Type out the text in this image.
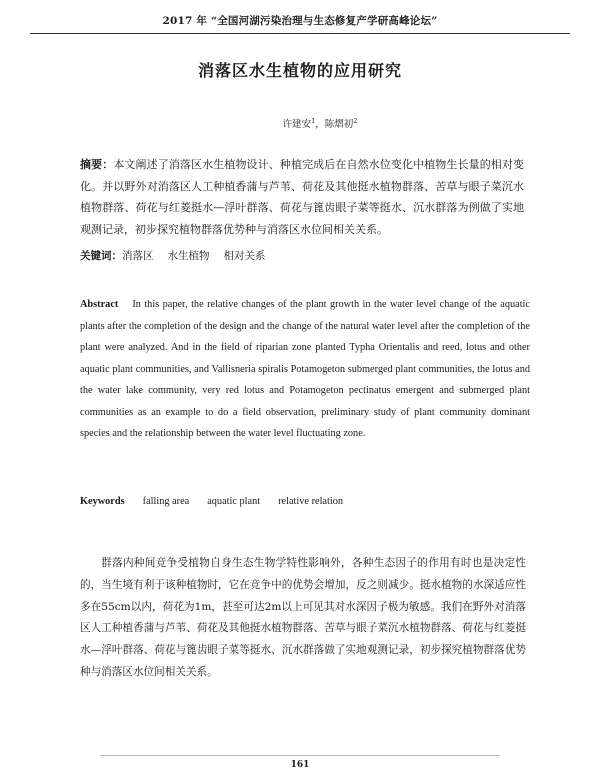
2017 年 “全国河湖污染治理与生态修复产学研高峰论坛”
消落区水生植物的应用研究
许建安$^1$，陈熠初$^2$
摘要：本文阐述了消落区水生植物设计、种植完成后在自然水位变化中植物生长量的相对变化。并以野外对消落区人工种植香蒲与芦苇、荷花及其他挺水植物群落、苦草与眼子菜沉水植物群落、荷花与红菱挺水—浮叶群落、荷花与篦齿眼子菜等挺水、沉水群落为例做了实地观测记录，初步探究植物群落优势种与消落区水位间相关关系。
关键词：消落区 水生植物 相对关系
Abstract In this paper, the relative changes of the plant growth in the water level change of the aquatic plants after the completion of the design and the change of the natural water level after the completion of the plant were analyzed. And in the field of riparian zone planted Typha Orientalis and reed, lotus and other aquatic plant communities, and Vallisneria spiralis Potamogeton submerged plant communities, the lotus and the water lake community, very red lotus and Potamogeton pectinatus emergent and submerged plant communities as an example to do a field observation, preliminary study of plant community dominant species and the relationship between the water level fluctuating zone.
Keywords falling area aquatic plant relative relation
群落内种间竞争受植物自身生态生物学特性影响外，各种生态因子的作用有时也是决定性的，当生境有利于该种植物时，它在竞争中的优势会增加，反之则减少。挺水植物的水深适应性多在55cm以内，荷花为1m，甚至可达2m以上可见其对水深因子极为敏感。我们在野外对消落区人工种植香蒲与芦苇、荷花及其他挺水植物群落、苦草与眼子菜沉水植物群落、荷花与红菱挺水—浮叶群落、荷花与篦齿眼子菜等挺水、沉水群落做了实地观测记录，初步探究植物群落优势种与消落区水位间相关关系。
161
